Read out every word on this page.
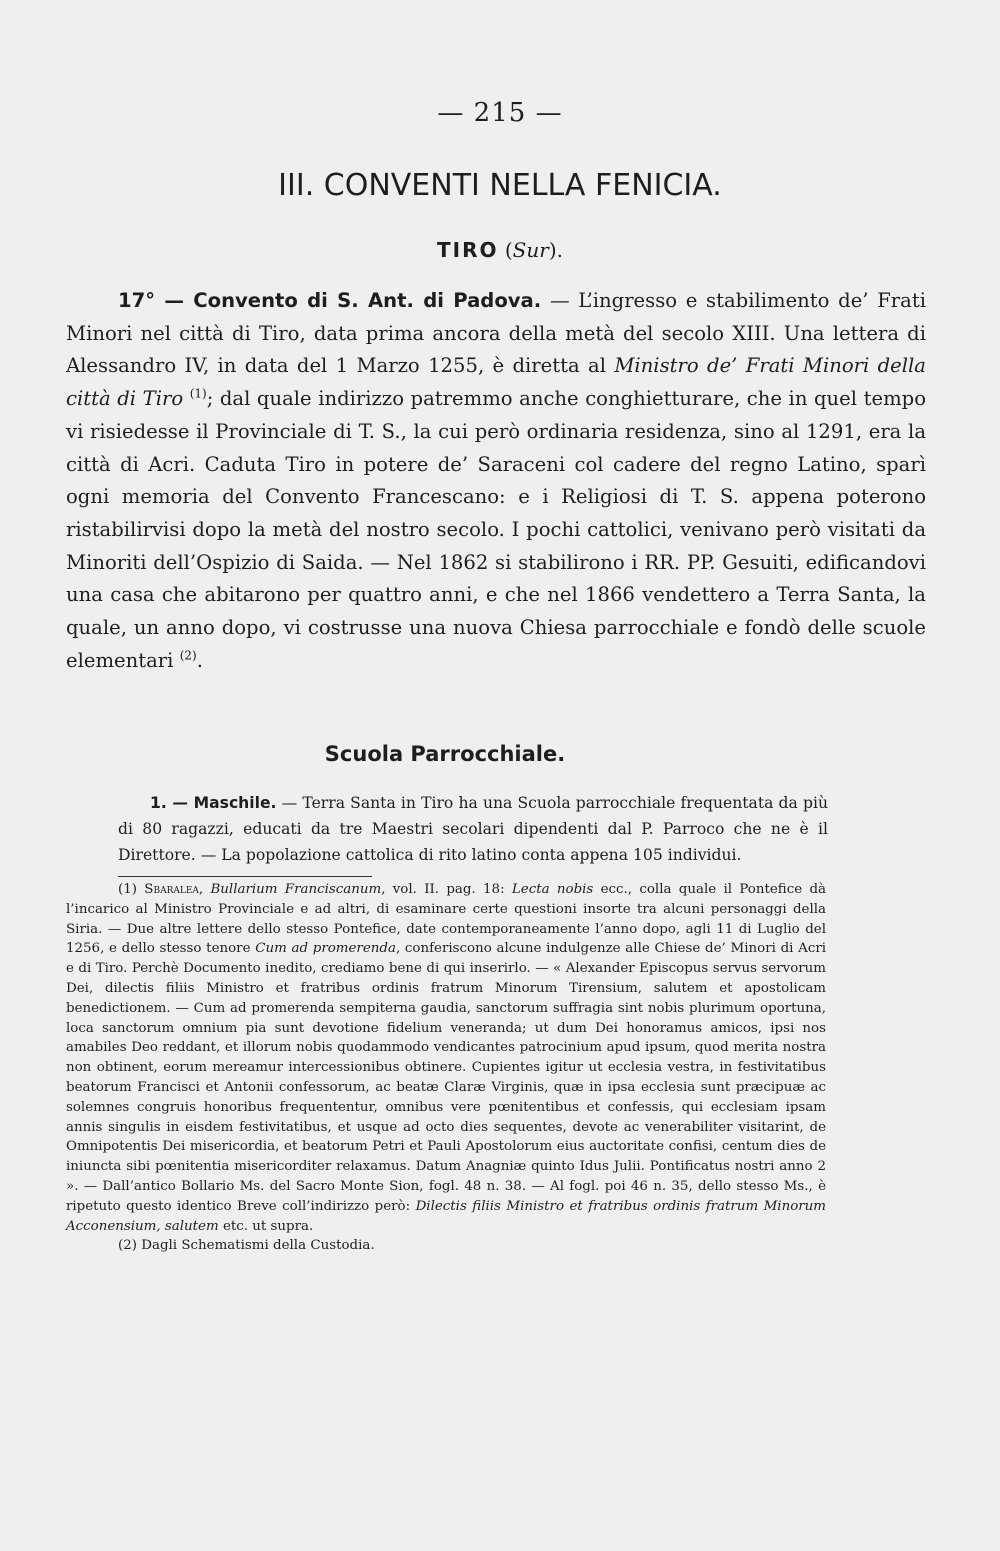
— 215 —
III. CONVENTI NELLA FENICIA.
TIRO (Sur).

17° — Convento di S. Ant. di Padova. — L’ingresso e stabilimento de’ Frati Minori nel città di Tiro, data prima ancora della metà del secolo XIII. Una lettera di Alessandro IV, in data del 1 Marzo 1255, è diretta al Ministro de’ Frati Minori della città di Tiro $^{(1)}$; dal quale indirizzo patremmo anche conghietturare, che in quel tempo vi risiedesse il Provinciale di T. S., la cui però ordinaria residenza, sino al 1291, era la città di Acri. Caduta Tiro in potere de’ Saraceni col cadere del regno Latino, sparì ogni memoria del Convento Francescano: e i Religiosi di T. S. appena poterono ristabilirvisi dopo la metà del nostro secolo. I pochi cattolici, venivano però visitati da Minoriti dell’Ospizio di Saida. — Nel 1862 si stabilirono i RR. PP. Gesuiti, edificandovi una casa che abitarono per quattro anni, e che nel 1866 vendettero a Terra Santa, la quale, un anno dopo, vi costrusse una nuova Chiesa parrocchiale e fondò delle scuole elementari $^{(2)}$.

Scuola Parrocchiale.

1. — Maschile. — Terra Santa in Tiro ha una Scuola parrocchiale frequentata da più di 80 ragazzi, educati da tre Maestri secolari dipendenti dal P. Parroco che ne è il Direttore. — La popolazione cattolica di rito latino conta appena 105 individui.

(1) Sbaralea, Bullarium Franciscanum, vol. II. pag. 18: Lecta nobis ecc., colla quale il Pontefice dà l’incarico al Ministro Provinciale e ad altri, di esaminare certe questioni insorte tra alcuni personaggi della Siria. — Due altre lettere dello stesso Pontefice, date contemporaneamente l’anno dopo, agli 11 di Luglio del 1256, e dello stesso tenore Cum ad promerenda, conferiscono alcune indulgenze alle Chiese de’ Minori di Acri e di Tiro. Perchè Documento inedito, crediamo bene di qui inserirlo. — « Alexander Episcopus servus servorum Dei, dilectis filiis Ministro et fratribus ordinis fratrum Minorum Tirensium, salutem et apostolicam benedictionem. — Cum ad promerenda sempiterna gaudia, sanctorum suffragia sint nobis plurimum oportuna, loca sanctorum omnium pia sunt devotione fidelium veneranda; ut dum Dei honoramus amicos, ipsi nos amabiles Deo reddant, et illorum nobis quodammodo vendicantes patrocinium apud ipsum, quod merita nostra non obtinent, eorum mereamur intercessionibus obtinere. Cupientes igitur ut ecclesia vestra, in festivitatibus beatorum Francisci et Antonii confessorum, ac beatæ Claræ Virginis, quæ in ipsa ecclesia sunt præcipuæ ac solemnes congruis honoribus frequententur, omnibus vere pœnitentibus et confessis, qui ecclesiam ipsam annis singulis in eisdem festivitatibus, et usque ad octo dies sequentes, devote ac venerabiliter visitarint, de Omnipotentis Dei misericordia, et beatorum Petri et Pauli Apostolorum eius auctoritate confisi, centum dies de iniuncta sibi pœnitentia misericorditer relaxamus. Datum Anagniæ quinto Idus Julii. Pontificatus nostri anno 2 ». — Dall’antico Bollario Ms. del Sacro Monte Sion, fogl. 48 n. 38. — Al fogl. poi 46 n. 35, dello stesso Ms., è ripetuto questo identico Breve coll’indirizzo però: Dilectis filiis Ministro et fratribus ordinis fratrum Minorum Acconensium, salutem etc. ut supra.

(2) Dagli Schematismi della Custodia.
